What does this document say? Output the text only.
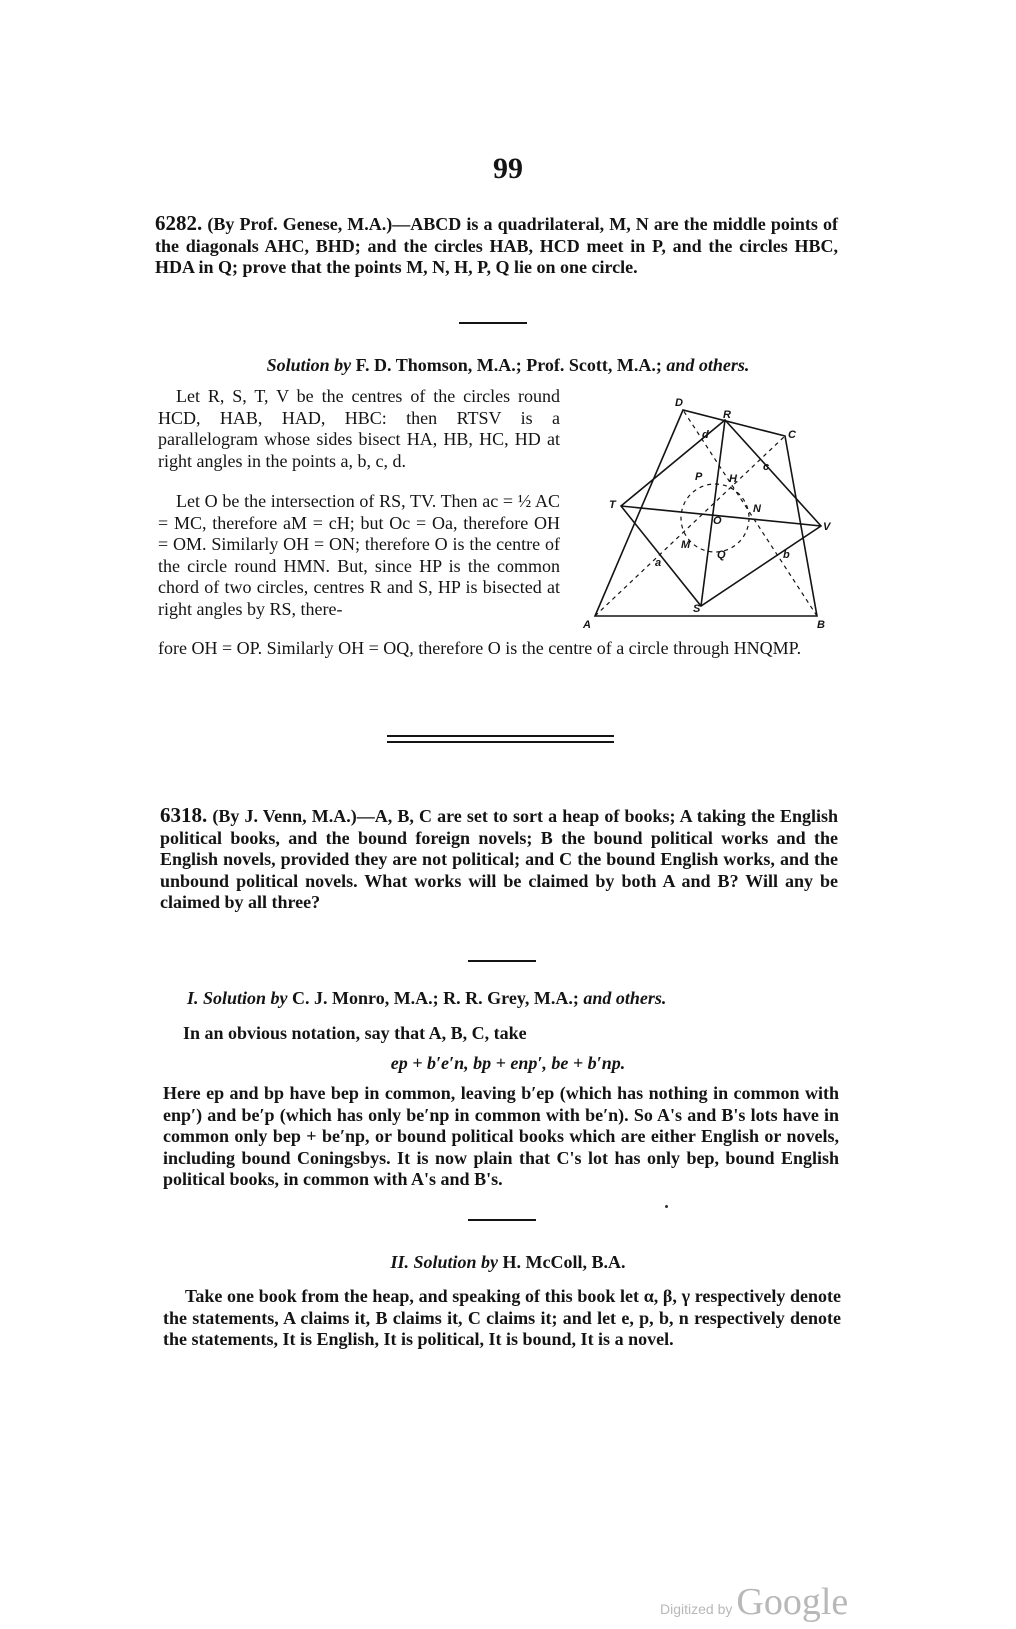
99

6282. (By Prof. Genese, M.A.)—ABCD is a quadrilateral, M, N are the middle points of the diagonals AHC, BHD; and the circles HAB, HCD meet in P, and the circles HBC, HDA in Q; prove that the points M, N, H, P, Q lie on one circle.

Solution by F. D. Thomson, M.A.; Prof. Scott, M.A.; and others.

Let R, S, T, V be the centres of the circles round HCD, HAB, HAD, HBC: then RTSV is a parallelogram whose sides bisect HA, HB, HC, HD at right angles in the points a, b, c, d.

Let O be the intersection of RS, TV. Then ac = ½ AC = MC, therefore aM = cH; but Oc = Oa, therefore OH = OM. Similarly OH = ON; therefore O is the centre of the circle round HMN. But, since HP is the common chord of two circles, centres R and S, HP is bisected at right angles by RS, there-

fore OH = OP. Similarly OH = OQ, therefore O is the centre of a circle through HNQMP.

D
R
C
d
c
P H
N
T
O	V
M
Q
a
b
S
A	B

6318. (By J. Venn, M.A.)—A, B, C are set to sort a heap of books; A taking the English political books, and the bound foreign novels; B the bound political works and the English novels, provided they are not political; and C the bound English works, and the unbound political novels. What works will be claimed by both A and B? Will any be claimed by all three?

I. Solution by C. J. Monro, M.A.; R. R. Grey, M.A.; and others.
In an obvious notation, say that A, B, C, take
ep + b′e′n, bp + enp′, be + b′np.

Here ep and bp have bep in common, leaving b′ep (which has nothing in common with enp′) and be′p (which has only be′np in common with be′n). So A's and B's lots have in common only bep + be′np, or bound political books which are either English or novels, including bound Coningsbys. It is now plain that C's lot has only bep, bound English political books, in common with A's and B's.

II. Solution by H. McColl, B.A.

Take one book from the heap, and speaking of this book let α, β, γ respectively denote the statements, A claims it, B claims it, C claims it; and let e, p, b, n respectively denote the statements, It is English, It is political, It is bound, It is a novel.

Digitized by Google
